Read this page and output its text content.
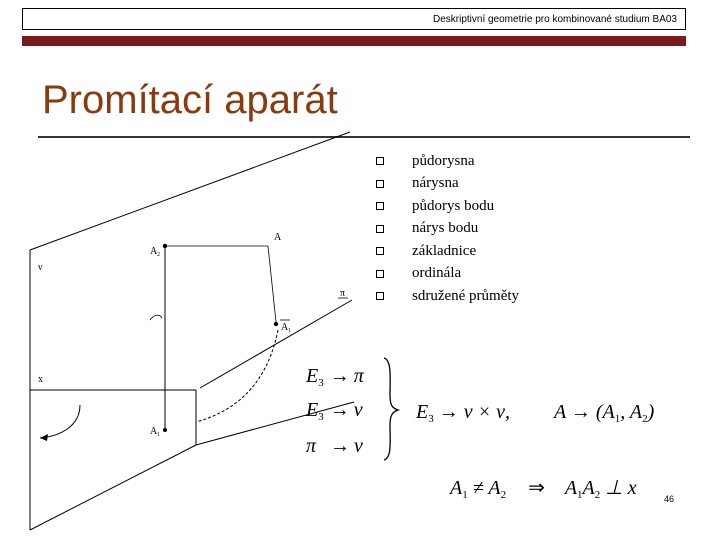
Deskriptivní geometrie pro kombinované studium BA03
Promítací aparát
půdorysna
nárysna
půdorys bodu
nárys bodu
základnice
ordinála
sdružené průměty
ν
π
x
A
A 2
A 1
A 1
$E_3 \to \pi$
$E_3 \to \nu$
π → ν
$E_3 \to \nu \times \nu$, $A \to (A_1$, $A_2$)
$A_1 \ne A_2$ ⇒ $A_1A_2$ ⊥ x	46
